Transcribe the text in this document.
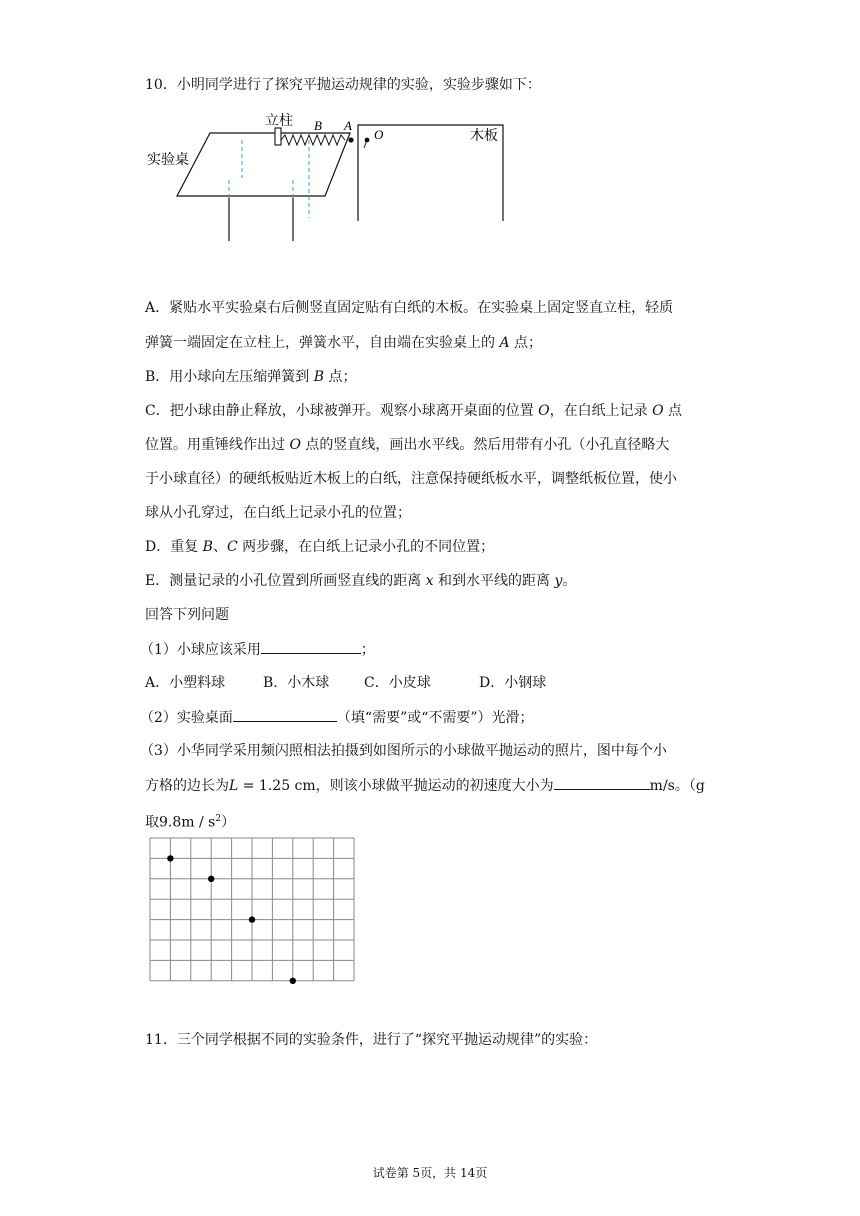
10．小明同学进行了探究平抛运动规律的实验，实验步骤如下：
立柱
实验桌
木板
B A
O
A．紧贴水平实验桌右后侧竖直固定贴有白纸的木板。在实验桌上固定竖直立柱，轻质
弹簧一端固定在立柱上，弹簧水平，自由端在实验桌上的 A 点；
B．用小球向左压缩弹簧到 B 点；
C．把小球由静止释放，小球被弹开。观察小球离开桌面的位置 O，在白纸上记录 O 点
位置。用重锤线作出过 O 点的竖直线，画出水平线。然后用带有小孔（小孔直径略大
于小球直径）的硬纸板贴近木板上的白纸，注意保持硬纸板水平，调整纸板位置，使小
球从小孔穿过，在白纸上记录小孔的位置；
D．重复 B、C 两步骤，在白纸上记录小孔的不同位置；
E．测量记录的小孔位置到所画竖直线的距离 x 和到水平线的距离 y。
回答下列问题
（1）小球应该采用	；
A．小塑料球	B．小木球 C．小皮球	D．小钢球
（2）实验桌面	（填“需要”或“不需要”）光滑；
（3）小华同学采用频闪照相法拍摄到如图所示的小球做平抛运动的照片，图中每个小
方格的边长为L = 1.25 cm，则该小球做平抛运动的初速度大小为	m/s。（g
取$9.8m / s^2$）
11．三个同学根据不同的实验条件，进行了“探究平抛运动规律”的实验：
试卷第 5页，共 14页
